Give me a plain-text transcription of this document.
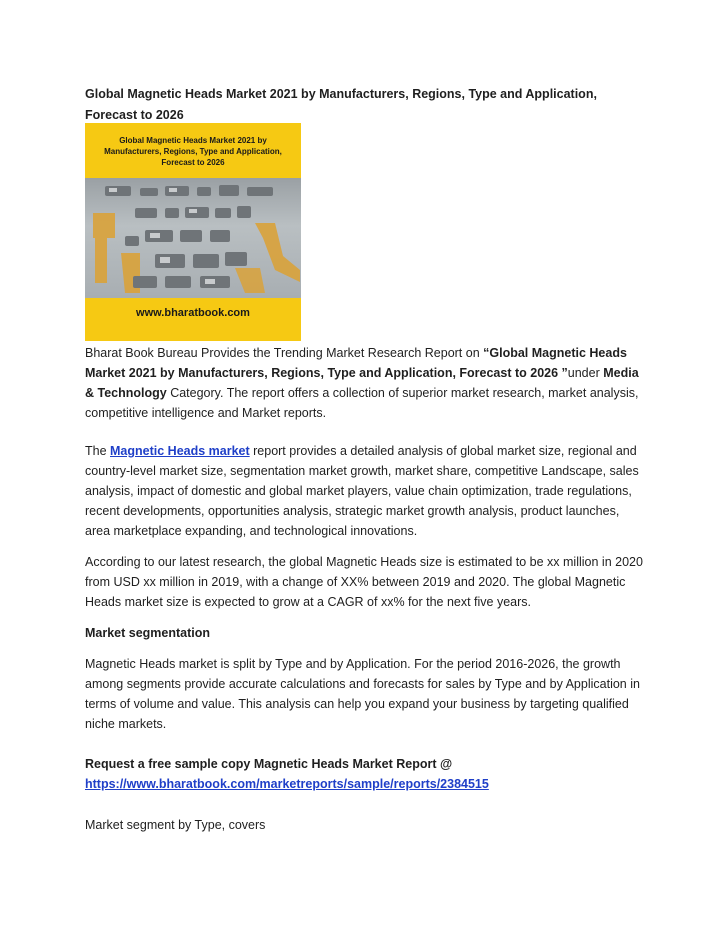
Global Magnetic Heads Market 2021 by Manufacturers, Regions, Type and Application,
Forecast to 2026
Global Magnetic Heads Market 2021 by
Manufacturers, Regions, Type and Application,
Forecast to 2026
www.bharatbook.com
Bharat Book Bureau Provides the Trending Market Research Report on “Global Magnetic Heads Market 2021 by Manufacturers, Regions, Type and Application, Forecast to 2026 ”under Media & Technology Category. The report offers a collection of superior market research, market analysis, competitive intelligence and Market reports.
The Magnetic Heads market report provides a detailed analysis of global market size, regional and country-level market size, segmentation market growth, market share, competitive Landscape, sales analysis, impact of domestic and global market players, value chain optimization, trade regulations, recent developments, opportunities analysis, strategic market growth analysis, product launches, area marketplace expanding, and technological innovations.
According to our latest research, the global Magnetic Heads size is estimated to be xx million in 2020 from USD xx million in 2019, with a change of XX% between 2019 and 2020. The global Magnetic Heads market size is expected to grow at a CAGR of xx% for the next five years.
Market segmentation
Magnetic Heads market is split by Type and by Application. For the period 2016-2026, the growth among segments provide accurate calculations and forecasts for sales by Type and by Application in terms of volume and value. This analysis can help you expand your business by targeting qualified niche markets.
Request a free sample copy Magnetic Heads Market Report @
https://www.bharatbook.com/marketreports/sample/reports/2384515
Market segment by Type, covers
